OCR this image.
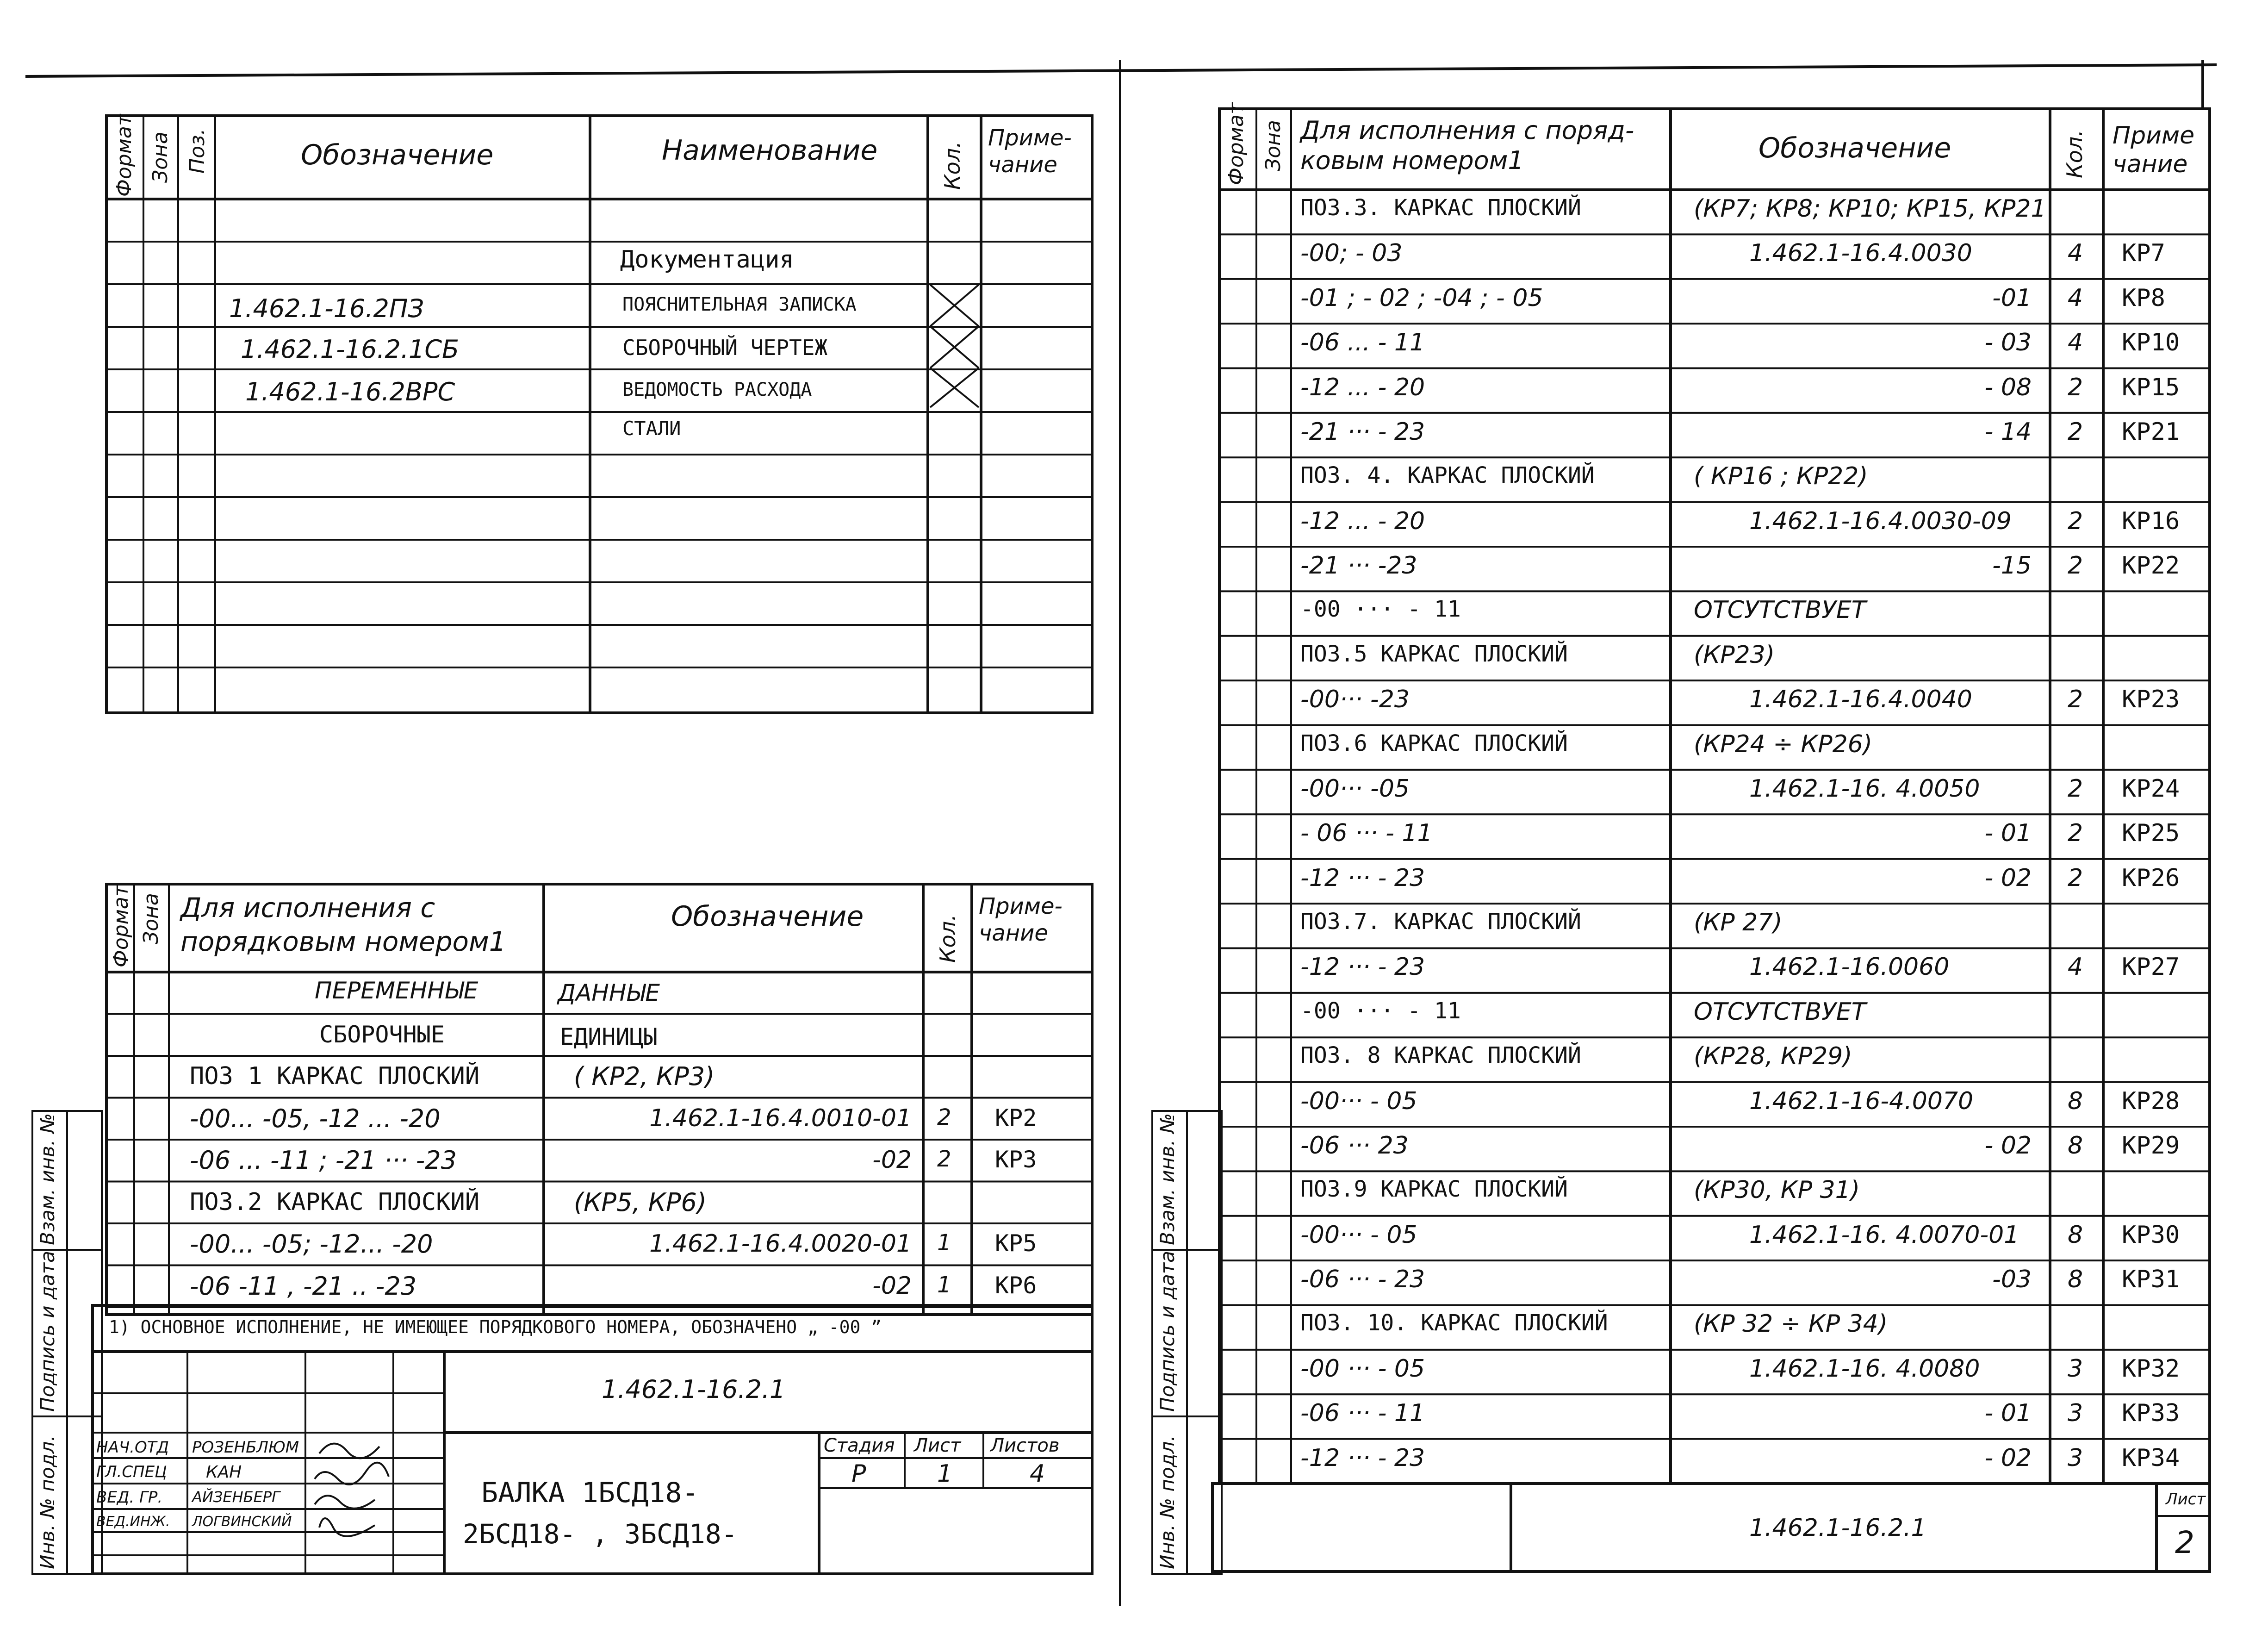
Формат Зона Поз.	Обозначение	Наименование	Кол.
Приме-
чание
Документация
1.462.1-16.2ПЗ	ПОЯСНИТЕЛЬНАЯ ЗАПИСКА
1.462.1-16.2.1СБ	СБОРОЧНЫЙ ЧЕРТЕЖ
1.462.1-16.2ВРС	ВЕДОМОСТЬ РАСХОДА
СТАЛИ
Формат Зона Для исполнения с
порядковым номером1
Обозначение	Кол.
Приме-
чание
ПЕРЕМЕННЫЕ	ДАННЫЕ
СБОРОЧНЫЕ	ЕДИНИЦЫ
ПОЗ 1 КАРКАС ПЛОСКИЙ	( КР2, КР3)
-00... -05, -12 ... -20	1.462.1-16.4.0010-01 2 КР2
-06 ... -11 ; -21 ··· -23	-02 2 КР3
ПОЗ.2 КАРКАС ПЛОСКИЙ	(КР5, КР6)
-00... -05; -12... -20	1.462.1-16.4.0020-01 1 КР5
-06 -11 , -21 .. -23	-02 1 КР6
1) ОСНОВНОЕ ИСПОЛНЕНИЕ, НЕ ИМЕЮЩЕЕ ПОРЯДКОВОГО НОМЕРА, ОБОЗНАЧЕНО „ -00 ”
1.462.1-16.2.1
Стадия Лист Листов
Р	1	4
БАЛКА 1БСД18-
2БСД18- , 3БСД18-
НАЧ.ОТД РОЗЕНБЛЮМ
ГЛ.СПЕЦ КАН
ВЕД. ГР. АЙЗЕНБЕРГ
ВЕД.ИНЖ. ЛОГВИНСКИЙ
Инв. № подл.
Подпись и дата
Взам. инв. №
Формат Зона Для исполнения с поряд-
ковым номером1	Обозначение	Кол. Приме
чание
ПОЗ.3. КАРКАС ПЛОСКИЙ	(КР7; КР8; КР10; КР15, КР21
-00; - 03	1.462.1-16.4.0030	4 КР7
-01 ; - 02 ; -04 ; - 05	-01 4 КР8
-06 ... - 11	- 03 4 КР10
-12 ... - 20	- 08 2 КР15
-21 ··· - 23	- 14 2 КР21
ПОЗ. 4. КАРКАС ПЛОСКИЙ	( КР16 ; КР22)
-12 ... - 20	1.462.1-16.4.0030-09 2 КР16
-21 ··· -23	-15 2 КР22
-00 ··· - 11	ОТСУТСТВУЕТ
ПОЗ.5 КАРКАС ПЛОСКИЙ	(КР23)
-00··· -23	1.462.1-16.4.0040	2 КР23
ПОЗ.6 КАРКАС ПЛОСКИЙ	(КР24 ÷ КР26)
-00··· -05	1.462.1-16. 4.0050	2 КР24
- 06 ··· - 11	- 01 2 КР25
-12 ··· - 23	- 02 2 КР26
ПОЗ.7. КАРКАС ПЛОСКИЙ	(КР 27)
-12 ··· - 23	1.462.1-16.0060	4 КР27
-00 ··· - 11	ОТСУТСТВУЕТ
ПОЗ. 8 КАРКАС ПЛОСКИЙ	(КР28, КР29)
-00··· - 05	1.462.1-16-4.0070	8 КР28
-06 ··· 23	- 02 8 КР29
ПОЗ.9 КАРКАС ПЛОСКИЙ	(КР30, КР 31)
-00··· - 05	1.462.1-16. 4.0070-01 8 КР30
-06 ··· - 23	-03 8 КР31
ПОЗ. 10. КАРКАС ПЛОСКИЙ	(КР 32 ÷ КР 34)
-00 ··· - 05	1.462.1-16. 4.0080	3 КР32
-06 ··· - 11	- 01 3 КР33
-12 ··· - 23	- 02 3 КР34
1.462.1-16.2.1
Лист
2
Инв. № подл.
Подпись и дата
Взам. инв. №
